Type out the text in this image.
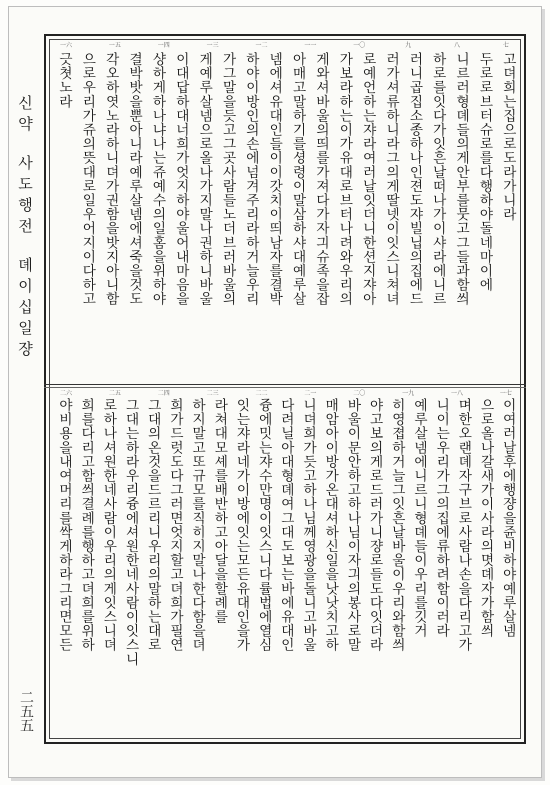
신약사도행전뎨이십일쟝
二五五
七
八
九
一〇
一一
一二
一三
一四
一五
一六
고뎌희는집으로도라가니라
두로로브터슈로를다행하야돌네마이에
니르러형뎨들의게안부를뭇고그들과함씌
하로를잇다가잇흔날떠나가이샤라에니르
러니곱집소종하나인젼도쟈빌닙의집에드
러가셔류하니라그의게딸넷이잇스니쳐녀
로예언하는쟈라여러날잇더니한션지쟈아
가보라하는이가유대로브터나려와우리의
게와셔바울의띄를가져다가자긔슈족을잡
아매고말하기를셩령이말삼하샤대예루살
넴에셔유대인들이이갓치이띄남자를결박
하야이방인의손에넘겨주리라하거늘우리
가그말을듯고그곳사람들노더브러바울의
게예루살넴으로올나가지말나권하니바울
이대답하대너희가엇지하야울어내마음을
샹하게하나냐나는쥬예수의일홈을위하야
결박밧을뿐아니라예루살넴에셔죽을것도
각오하엿노라하니뎌가권함을밧지아니함
으로우리가쥬의뜻대로일우어지이다하고
긋쳣노라
一七
一八
一九
二〇
二一
二二
二三
二四
二五
二六
이여러날후에행쟝을쥰비하야예루살넴
으로올나갈새가이사라의몃뎨자가함씌
며한오랜뎨자구브로사람나손을다리고가
니이는우리가그의집에류하려함이러라
예루살넴에니르니형뎨들이우리를깃거
히영졉하거늘그잇흔날바울이우리와함씌
야고보의게로드러가니쟝로들도다잇더라
바울이문안하고하나님이자긔의봉사로말
매암아이방가온대셔하신일을낫낫치고하
니뎌희가듯고하나님께영광을돌니고바울
다려닐아대형뎨여그대도보는바에유대인
즁에밋는쟈수만명이잇스니다률법에열심
잇는쟈라네가이방에잇는모든유대인을가
라쳐대모셰를배반하고아달을할례를
하지말고또규모를직히지말나한다함을뎌
희가드럿도다그러면엇지할고뎌희가필연
그대의온것을드르리니우리의말하는대로
그대는하라우리즁에셔원한네사람이잇스니
로하나셔원한네사람이우리의게잇스니뎌
희를다리고함씌결례를행하고뎌희를위하
야비용을내여머리를싹게하라그리면모든
